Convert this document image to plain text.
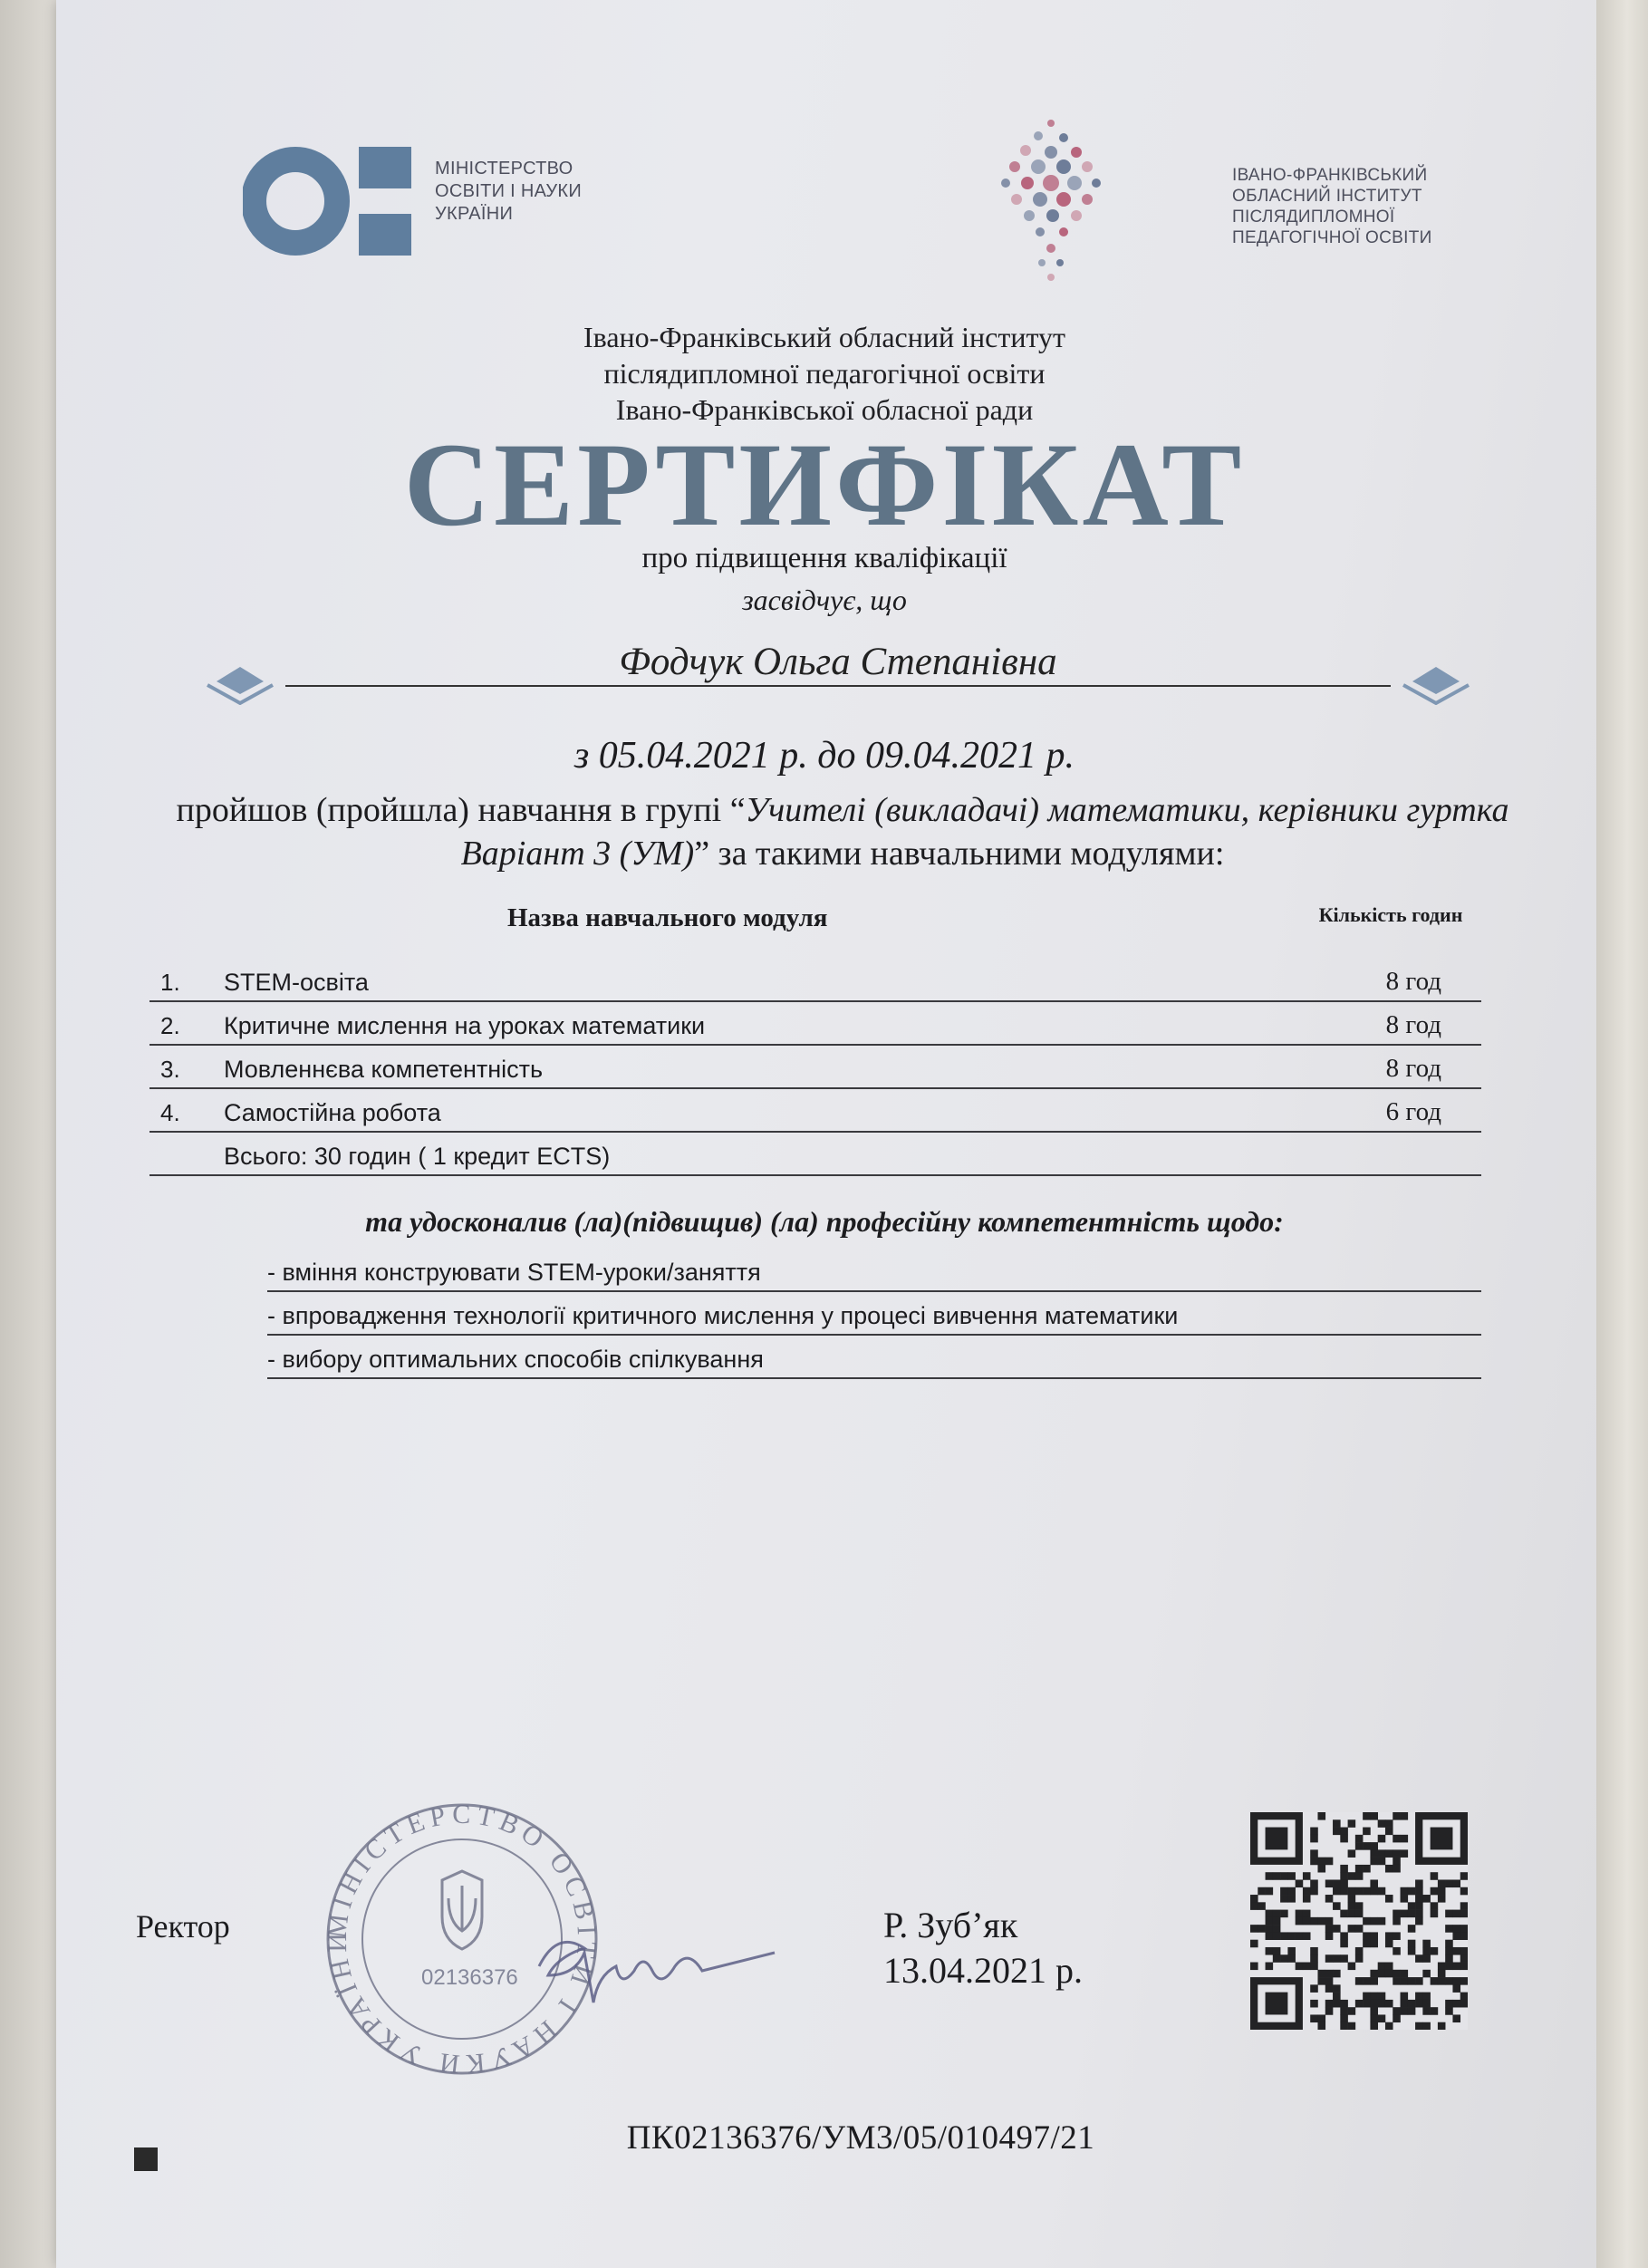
МІНІСТЕРСТВО
ОСВІТИ І НАУКИ
УКРАЇНИ
ІВАНО-ФРАНКІВСЬКИЙ
ОБЛАСНИЙ ІНСТИТУТ
ПІСЛЯДИПЛОМНОЇ
ПЕДАГОГІЧНОЇ ОСВІТИ
Івано-Франківський обласний інститут
післядипломної педагогічної освіти
Івано-Франківської обласної ради
СЕРТИФІКАТ
про підвищення кваліфікації
засвідчує, що
Фодчук Ольга Степанівна
з 05.04.2021 р. до 09.04.2021 р.
пройшов (пройшла) навчання в групі “Учителі (викладачі) математики, керівники гуртка Варіант 3 (УМ)” за такими навчальними модулями:
Назва навчального модуля	Кількість годин
1. STEM-освіта	8 год
2. Критичне мислення на уроках математики	8 год
3. Мовленнєва компетентність	8 год
4. Самостійна робота	6 год
Всього: 30 годин ( 1 кредит ECTS)
та удосконалив (ла)(підвищив) (ла) професійну компетентність щодо:
- вміння конструювати STEM-уроки/заняття
- впровадження технології критичного мислення у процесі вивчення математики
- вибору оптимальних способів спілкування
Ректор	МІНІСТЕРСТВО ОСВІТИ І НАУКИ УКРАЇНИ
02136376
Р. Зуб’як
13.04.2021 р.
ПК02136376/УМ3/05/010497/21
